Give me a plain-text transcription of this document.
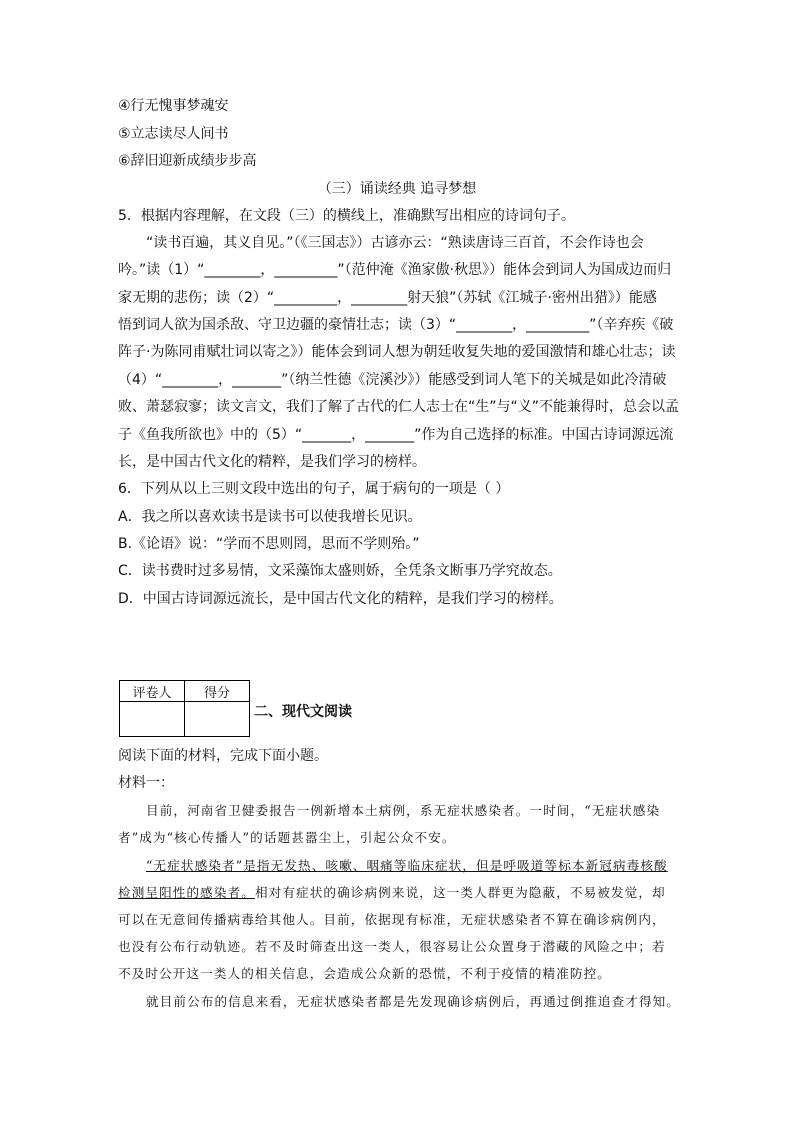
④行无愧事梦魂安
⑤立志读尽人间书
⑥辞旧迎新成绩步步高
（三）诵读经典 追寻梦想
5．根据内容理解，在文段（三）的横线上，准确默写出相应的诗词句子。
“读书百遍，其义自见。”（《三国志》）古谚亦云：“熟读唐诗三百首，不会作诗也会
吟。”读（1）“________，_________”（范仲淹《渔家傲·秋思》）能体会到词人为国成边而归
家无期的悲伤；读（2）“_________，________射天狼”（苏轼《江城子·密州出猎》）能感
悟到词人欲为国杀敌、守卫边疆的豪情壮志；读（3）“________，_________”（辛弃疾《破
阵子·为陈同甫赋壮词以寄之》）能体会到词人想为朝廷收复失地的爱国激情和雄心壮志；读
（4）“________，_______”（纳兰性德《浣溪沙》）能感受到词人笔下的关城是如此冷清破
败、萧瑟寂寥；读文言文，我们了解了古代的仁人志士在“生”与“义”不能兼得时，总会以孟
子《鱼我所欲也》中的（5）“_______，_______”作为自己选择的标准。中国古诗词源远流
长，是中国古代文化的精粹，是我们学习的榜样。
6．下列从以上三则文段中选出的句子，属于病句的一项是（ ）
A．我之所以喜欢读书是读书可以使我增长见识。
B.《论语》说：“学而不思则罔，思而不学则殆。”
C．读书费时过多易情，文采藻饰太盛则娇，全凭条文断事乃学究故态。
D．中国古诗词源远流长，是中国古代文化的精粹，是我们学习的榜样。
评卷人	得分

二、现代文阅读
阅读下面的材料，完成下面小题。
材料一：
目前，河南省卫健委报告一例新增本土病例，系无症状感染者。一时间，“无症状感染
者”成为“核心传播人”的话题甚嚣尘上，引起公众不安。
“无症状感染者”是指无发热、咳嗽、咽痛等临床症状，但是呼吸道等标本新冠病毒核酸
检测呈阳性的感染者。相对有症状的确诊病例来说，这一类人群更为隐蔽，不易被发觉，却
可以在无意间传播病毒给其他人。目前，依据现有标准，无症状感染者不算在确诊病例内，
也没有公布行动轨迹。若不及时筛查出这一类人，很容易让公众置身于潜藏的风险之中；若
不及时公开这一类人的相关信息，会造成公众新的恐慌，不利于疫情的精准防控。
就目前公布的信息来看，无症状感染者都是先发现确诊病例后，再通过倒推追查才得知。
